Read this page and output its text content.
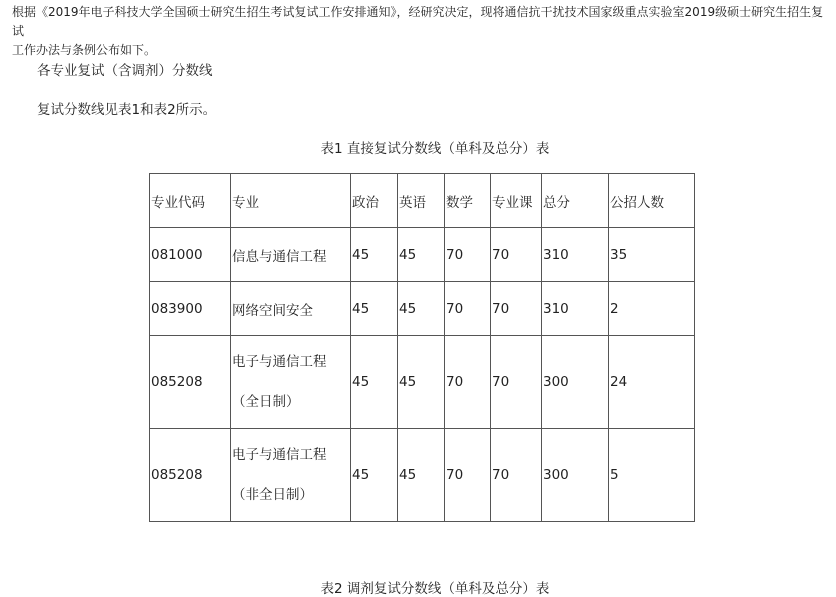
根据《2019年电子科技大学全国硕士研究生招生考试复试工作安排通知》，经研究决定，现将通信抗干扰技术国家级重点实验室2019级硕士研究生招生复试
工作办法与条例公布如下。

各专业复试（含调剂）分数线

复试分数线见表1和表2所示。

表1 直接复试分数线（单科及总分）表

专业代码	专业	政治	英语	数学	专业课	总分	公招人数
081000	信息与通信工程	45	45	70	70	310	35
083900	网络空间安全	45	45	70	70	310	2
085208	电子与通信工程
（全日制）	45	45	70	70	300	24
085208	电子与通信工程
（非全日制）	45	45	70	70	300	5

表2 调剂复试分数线（单科及总分）表
